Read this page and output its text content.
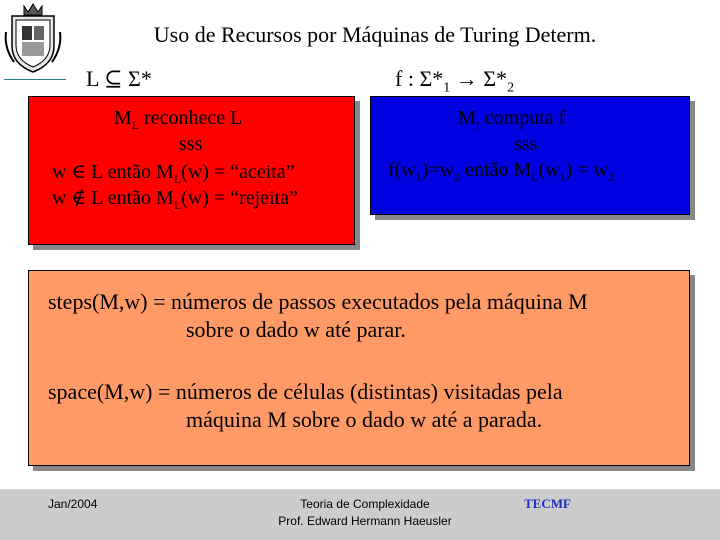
Uso de Recursos por Máquinas de Turing Determ.
L ⊆ Σ*	f : $\Sigma*_1 \to \Sigma*_2$
$M_L$ reconhece L
sss
w ∈ L então $M_L(w)$ = “aceita”
w ∉ L então $M_L(w)$ = “rejeita”
$M_f$ computa f
sss
$f(w_1)=w_2$ então $M_L(w_1) = w_2$
steps(M,w) = números de passos executados pela máquina M
sobre o dado w até parar.
space(M,w) = números de células (distintas) visitadas pela
máquina M sobre o dado w até a parada.
Jan/2004	Teoria de Complexidade
Prof. Edward Hermann Haeusler
TECMF
